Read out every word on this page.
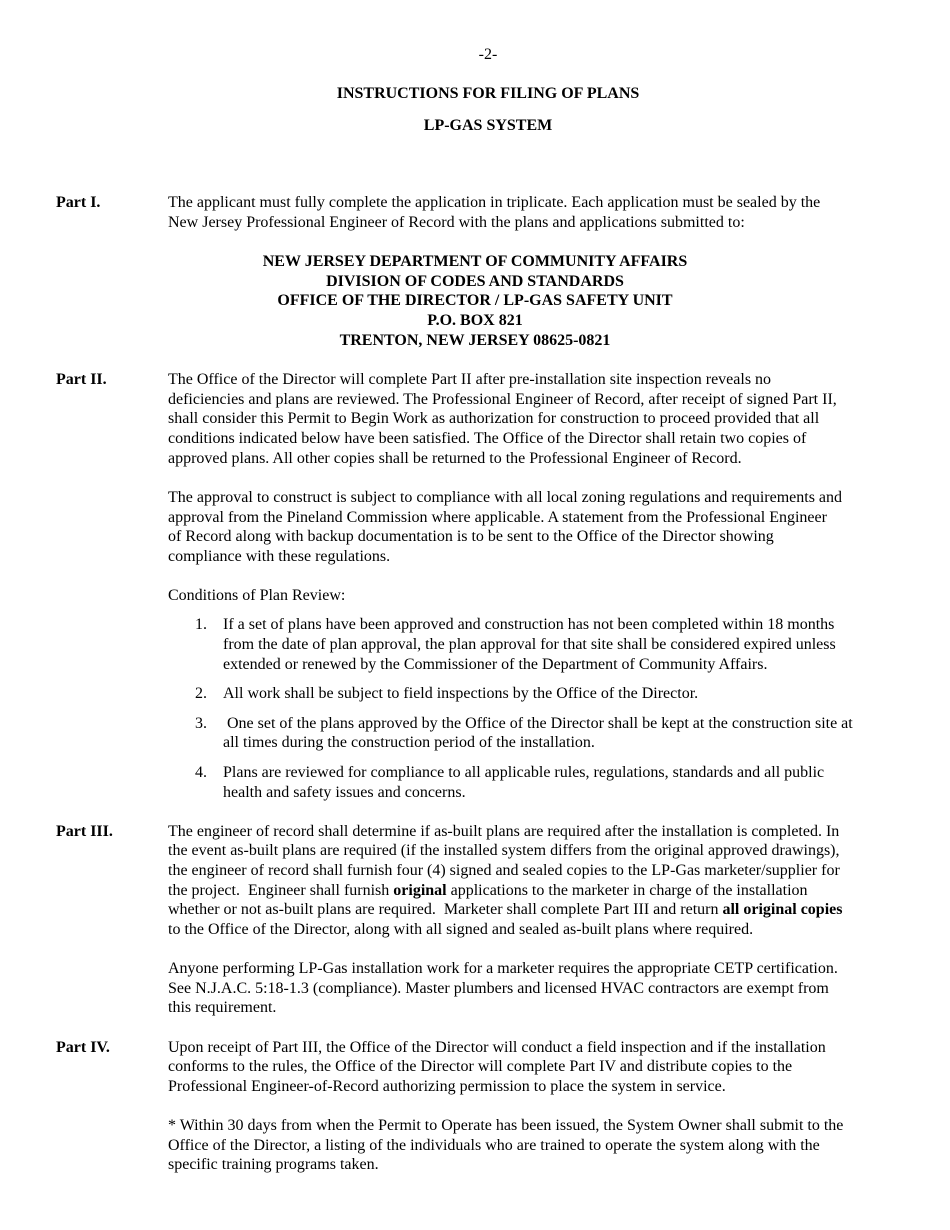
-2-
INSTRUCTIONS FOR FILING OF PLANS
LP-GAS SYSTEM
Part I.	The applicant must fully complete the application in triplicate. Each application must be sealed by the
New Jersey Professional Engineer of Record with the plans and applications submitted to:
NEW JERSEY DEPARTMENT OF COMMUNITY AFFAIRS
DIVISION OF CODES AND STANDARDS
OFFICE OF THE DIRECTOR / LP-GAS SAFETY UNIT
P.O. BOX 821
TRENTON, NEW JERSEY 08625-0821
Part II.	The Office of the Director will complete Part II after pre-installation site inspection reveals no
deficiencies and plans are reviewed. The Professional Engineer of Record, after receipt of signed Part II,
shall consider this Permit to Begin Work as authorization for construction to proceed provided that all
conditions indicated below have been satisfied. The Office of the Director shall retain two copies of
approved plans. All other copies shall be returned to the Professional Engineer of Record.
The approval to construct is subject to compliance with all local zoning regulations and requirements and
approval from the Pineland Commission where applicable. A statement from the Professional Engineer
of Record along with backup documentation is to be sent to the Office of the Director showing
compliance with these regulations.
Conditions of Plan Review:
1. If a set of plans have been approved and construction has not been completed within 18 months
from the date of plan approval, the plan approval for that site shall be considered expired unless
extended or renewed by the Commissioner of the Department of Community Affairs.
2. All work shall be subject to field inspections by the Office of the Director.
3. One set of the plans approved by the Office of the Director shall be kept at the construction site at
all times during the construction period of the installation.
4. Plans are reviewed for compliance to all applicable rules, regulations, standards and all public
health and safety issues and concerns.
Part III.	The engineer of record shall determine if as-built plans are required after the installation is completed. In
the event as-built plans are required (if the installed system differs from the original approved drawings),
the engineer of record shall furnish four (4) signed and sealed copies to the LP-Gas marketer/supplier for
the project.  Engineer shall furnish original applications to the marketer in charge of the installation
whether or not as-built plans are required.  Marketer shall complete Part III and return all original copies
to the Office of the Director, along with all signed and sealed as-built plans where required.
Anyone performing LP-Gas installation work for a marketer requires the appropriate CETP certification.
See N.J.A.C. 5:18-1.3 (compliance). Master plumbers and licensed HVAC contractors are exempt from
this requirement.
Part IV.	Upon receipt of Part III, the Office of the Director will conduct a field inspection and if the installation
conforms to the rules, the Office of the Director will complete Part IV and distribute copies to the
Professional Engineer-of-Record authorizing permission to place the system in service.
* Within 30 days from when the Permit to Operate has been issued, the System Owner shall submit to the
Office of the Director, a listing of the individuals who are trained to operate the system along with the
specific training programs taken.
